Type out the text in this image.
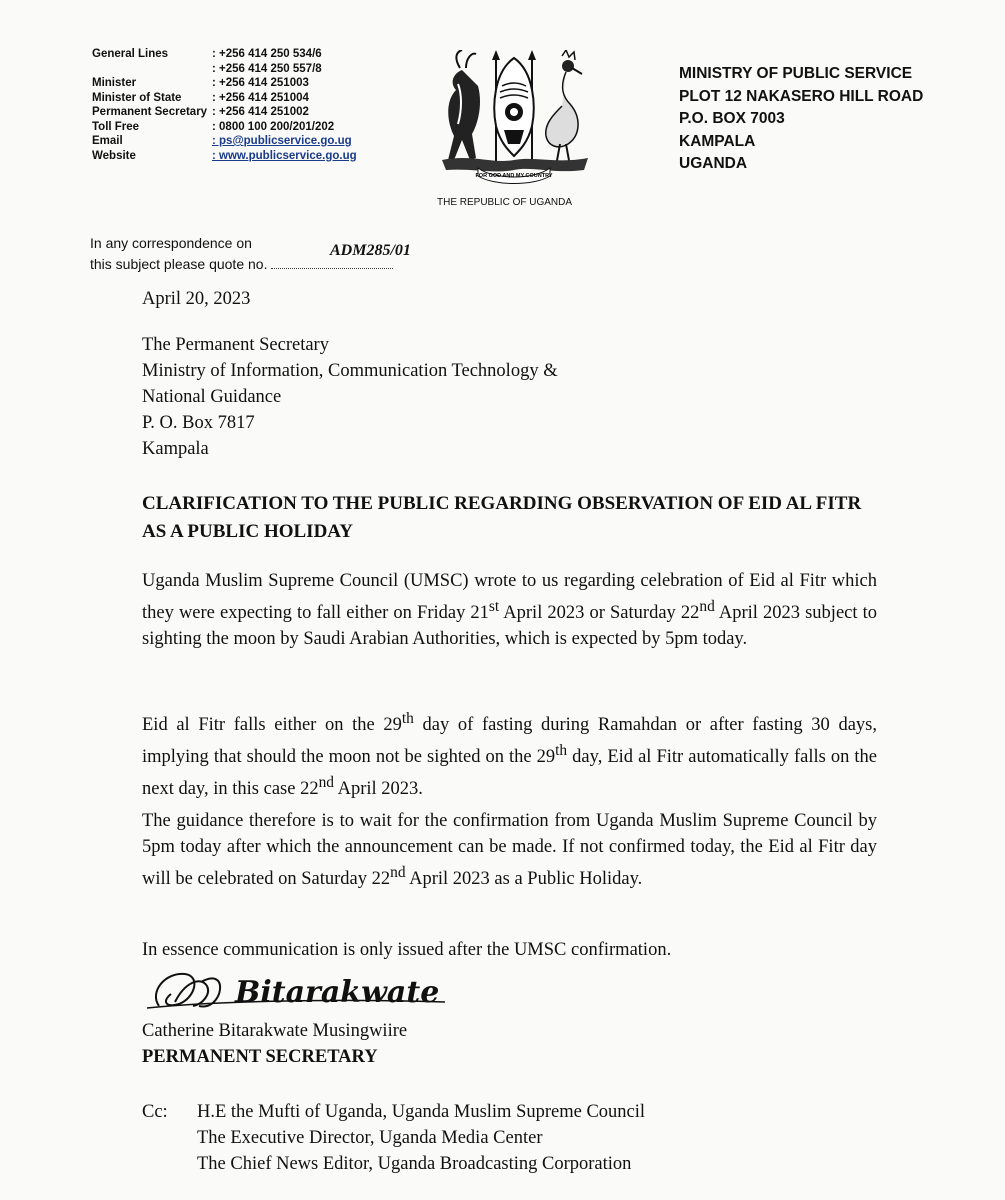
General Lines	: +256 414 250 534/6
: +256 414 250 557/8
Minister	: +256 414 251003
Minister of State	: +256 414 251004
Permanent Secretary : +256 414 251002
Toll Free	: 0800 100 200/201/202
Email	: ps@publicservice.go.ug
Website	: www.publicservice.go.ug
FOR GOD AND MY COUNTRY
THE REPUBLIC OF UGANDA
MINISTRY OF PUBLIC SERVICE
PLOT 12 NAKASERO HILL ROAD
P.O. BOX 7003
KAMPALA
UGANDA
In any correspondence on
this subject please quote no.
ADM285/01
April 20, 2023
The Permanent Secretary
Ministry of Information, Communication Technology &
National Guidance
P. O. Box 7817
Kampala
CLARIFICATION TO THE PUBLIC REGARDING OBSERVATION OF EID AL FITR AS A PUBLIC HOLIDAY
Uganda Muslim Supreme Council (UMSC) wrote to us regarding celebration of Eid al Fitr which they were expecting to fall either on Friday 21st April 2023 or Saturday 22nd April 2023 subject to sighting the moon by Saudi Arabian Authorities, which is expected by 5pm today.
Eid al Fitr falls either on the 29th day of fasting during Ramahdan or after fasting 30 days, implying that should the moon not be sighted on the 29th day, Eid al Fitr automatically falls on the next day, in this case 22nd April 2023.
The guidance therefore is to wait for the confirmation from Uganda Muslim Supreme Council by 5pm today after which the announcement can be made. If not confirmed today, the Eid al Fitr day will be celebrated on Saturday 22nd April 2023 as a Public Holiday.
In essence communication is only issued after the UMSC confirmation.
Bitarakwate
Catherine Bitarakwate Musingwiire
PERMANENT SECRETARY
Cc: H.E the Mufti of Uganda, Uganda Muslim Supreme Council
The Executive Director, Uganda Media Center
The Chief News Editor, Uganda Broadcasting Corporation
